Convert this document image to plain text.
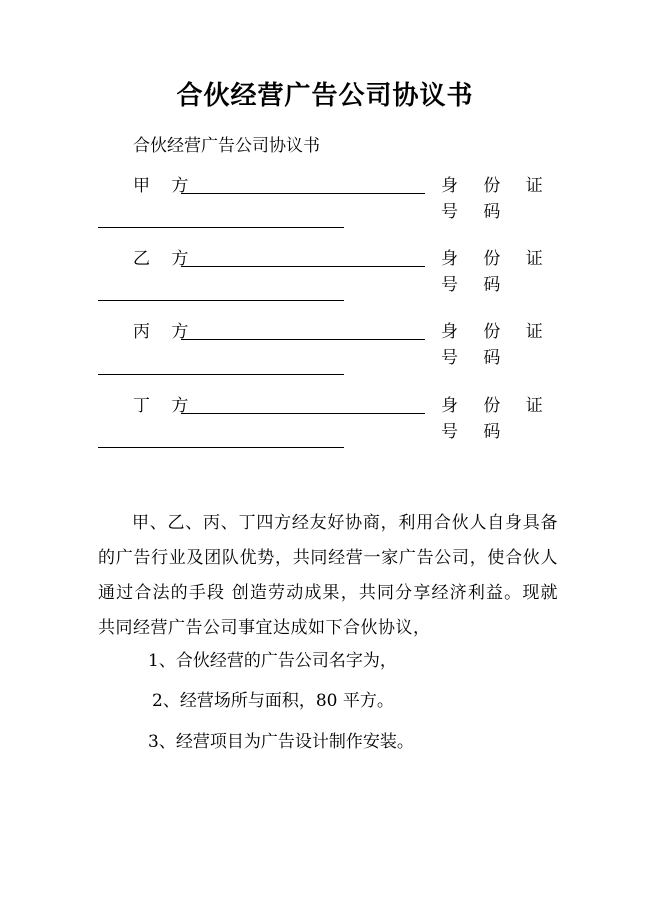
合伙经营广告公司协议书
合伙经营广告公司协议书
甲 方	身 份 证 号 码
乙 方	身 份 证 号 码
丙 方	身 份 证 号 码
丁 方	身 份 证 号 码
甲、乙、丙、丁四方经友好协商，利用合伙人自身具备的广告行业及团队优势，共同经营一家广告公司，使合伙人通过合法的手段 创造劳动成果，共同分享经济利益。现就共同经营广告公司事宜达成如下合伙协议，
1、合伙经营的广告公司名字为，
2、经营场所与面积，80 平方。
3、经营项目为广告设计制作安装。
